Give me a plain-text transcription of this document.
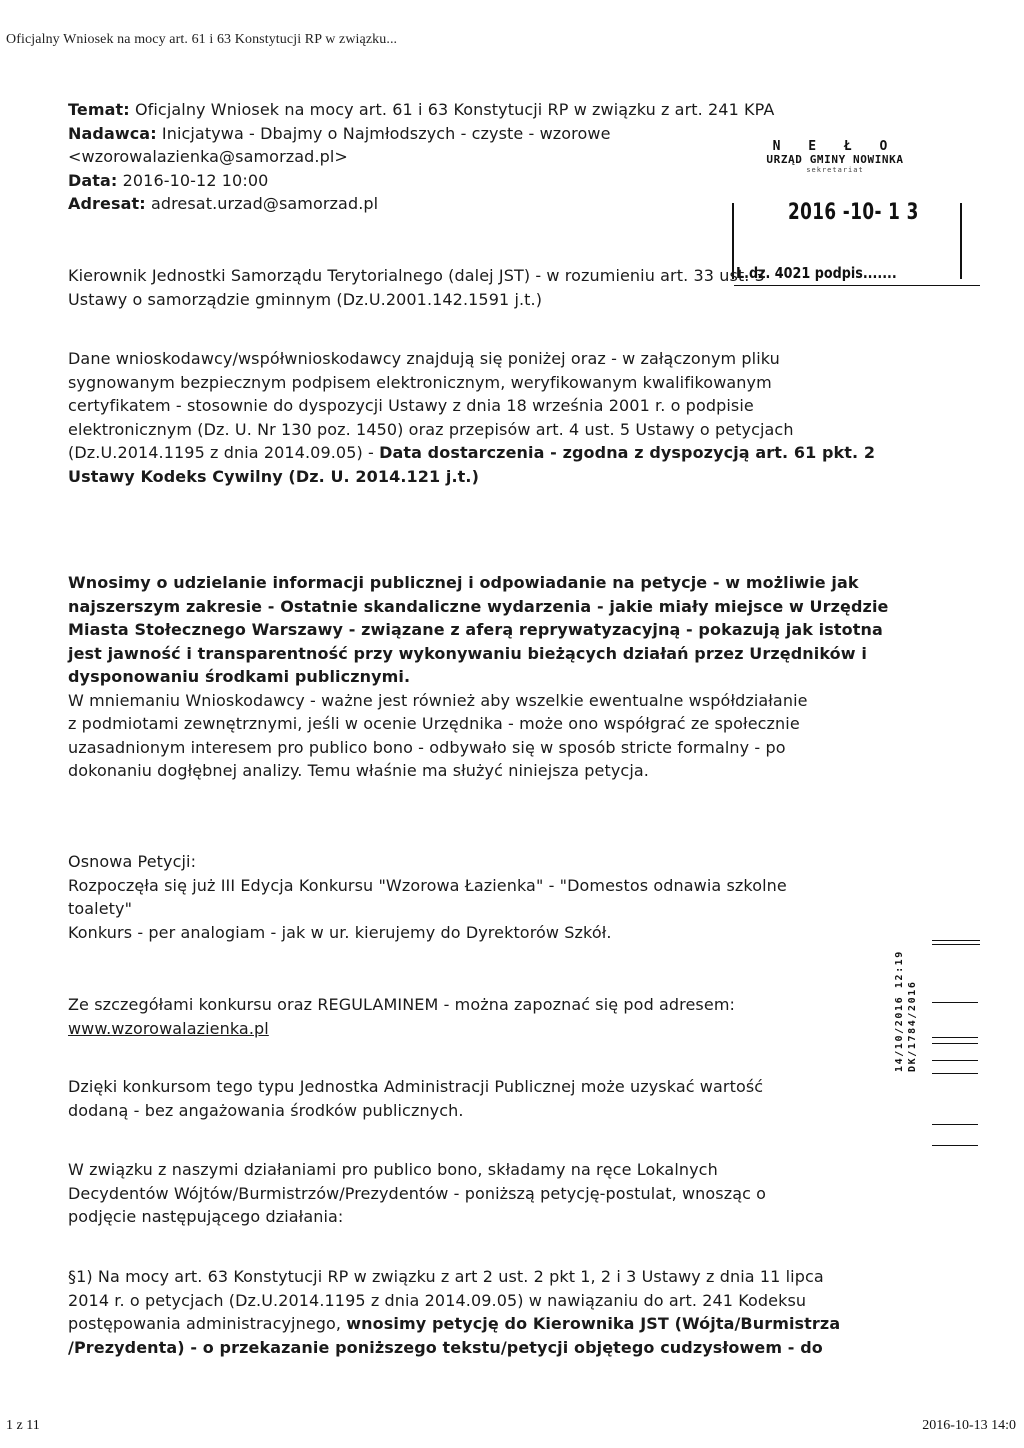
Oficjalny Wniosek na mocy art. 61 i 63 Konstytucji RP w związku...
Temat: Oficjalny Wniosek na mocy art. 61 i 63 Konstytucji RP w związku z art. 241 KPA
Nadawca: Inicjatywa - Dbajmy o Najmłodszych - czyste - wzorowe
<wzorowalazienka@samorzad.pl>
Data: 2016-10-12 10:00
Adresat: adresat.urzad@samorzad.pl
N E Ł O
URZĄD GMINY NOWINKA
sekretariat
2016 -10- 1 3
L.dz. 4021 podpis.......
Kierownik Jednostki Samorządu Terytorialnego (dalej JST) - w rozumieniu art. 33 ust. 3
Ustawy o samorządzie gminnym (Dz.U.2001.142.1591 j.t.)
Dane wnioskodawcy/współwnioskodawcy znajdują się poniżej oraz - w załączonym pliku
sygnowanym bezpiecznym podpisem elektronicznym, weryfikowanym kwalifikowanym
certyfikatem - stosownie do dyspozycji Ustawy z dnia 18 września 2001 r. o podpisie
elektronicznym (Dz. U. Nr 130 poz. 1450) oraz przepisów art. 4 ust. 5 Ustawy o petycjach
(Dz.U.2014.1195 z dnia 2014.09.05) - Data dostarczenia - zgodna z dyspozycją art. 61 pkt. 2
Ustawy Kodeks Cywilny (Dz. U. 2014.121 j.t.)
Wnosimy o udzielanie informacji publicznej i odpowiadanie na petycje - w możliwie jak
najszerszym zakresie - Ostatnie skandaliczne wydarzenia - jakie miały miejsce w Urzędzie
Miasta Stołecznego Warszawy - związane z aferą reprywatyzacyjną - pokazują jak istotna
jest jawność i transparentność przy wykonywaniu bieżących działań przez Urzędników i
dysponowaniu środkami publicznymi.
W mniemaniu Wnioskodawcy - ważne jest również aby wszelkie ewentualne współdziałanie
z podmiotami zewnętrznymi, jeśli w ocenie Urzędnika - może ono współgrać ze społecznie
uzasadnionym interesem pro publico bono - odbywało się w sposób stricte formalny - po
dokonaniu dogłębnej analizy. Temu właśnie ma służyć niniejsza petycja.
Osnowa Petycji:
Rozpoczęła się już III Edycja Konkursu "Wzorowa Łazienka" - "Domestos odnawia szkolne
toalety"
Konkurs - per analogiam - jak w ur. kierujemy do Dyrektorów Szkół.
Ze szczegółami konkursu oraz REGULAMINEM - można zapoznać się pod adresem:
www.wzorowalazienka.pl
Dzięki konkursom tego typu Jednostka Administracji Publicznej może uzyskać wartość
dodaną - bez angażowania środków publicznych.
W związku z naszymi działaniami pro publico bono, składamy na ręce Lokalnych
Decydentów Wójtów/Burmistrzów/Prezydentów - poniższą petycję-postulat, wnosząc o
podjęcie następującego działania:
§1) Na mocy art. 63 Konstytucji RP w związku z art 2 ust. 2 pkt 1, 2 i 3 Ustawy z dnia 11 lipca
2014 r. o petycjach (Dz.U.2014.1195 z dnia 2014.09.05) w nawiązaniu do art. 241 Kodeksu
postępowania administracyjnego, wnosimy petycję do Kierownika JST (Wójta/Burmistrza
/Prezydenta) - o przekazanie poniższego tekstu/petycji objętego cudzysłowem - do
14/10/2016 12:19 DK/1784/2016
1 z 11	2016-10-13 14:0
